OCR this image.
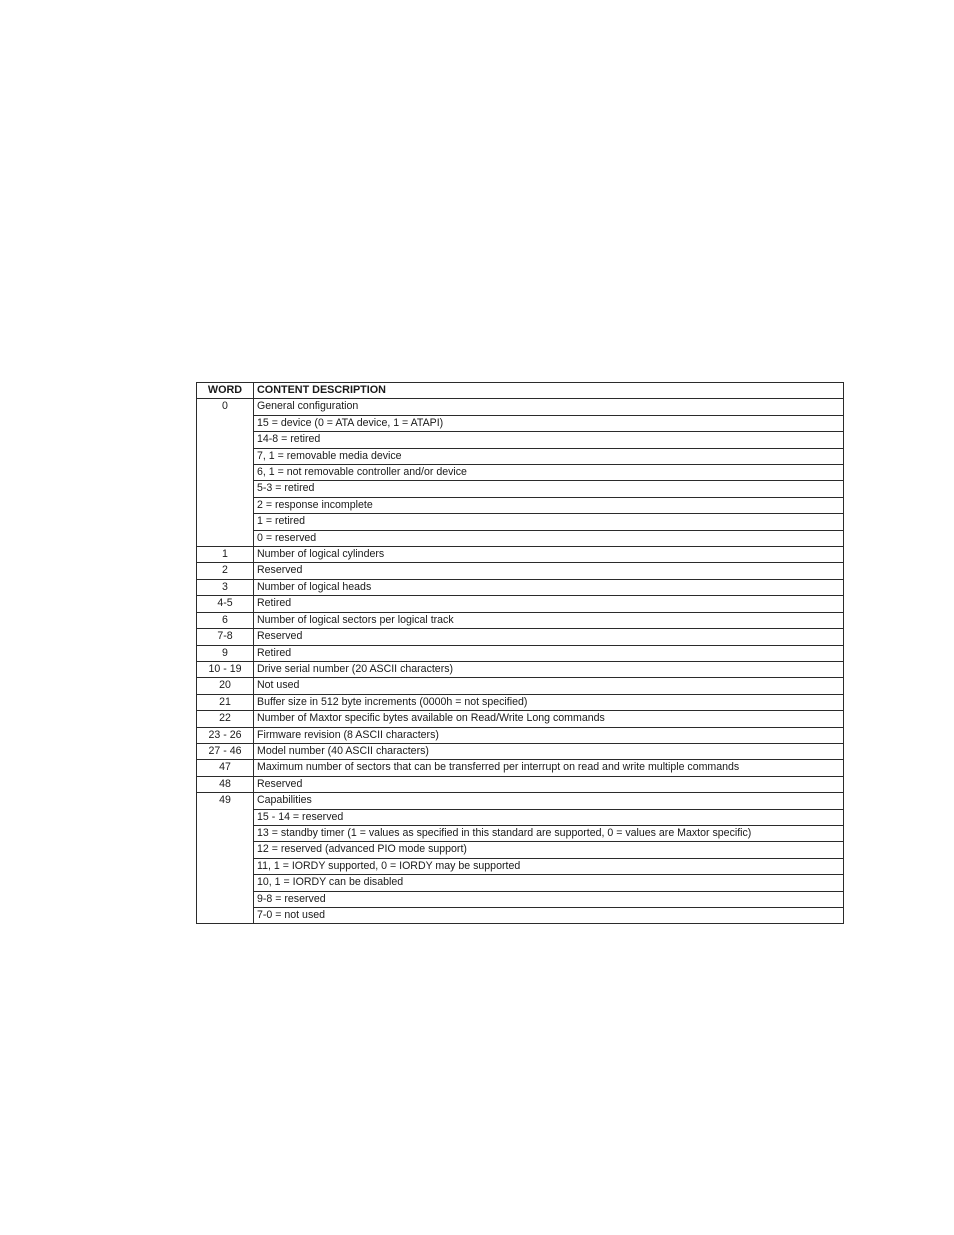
WORD	CONTENT DESCRIPTION
0	General configuration
	15 = device (0 = ATA device, 1 = ATAPI)
	14-8 = retired
	7, 1 = removable media device
	6, 1 = not removable controller and/or device
	5-3 = retired
	2 = response incomplete
	1 = retired
	0 = reserved
1	Number of logical cylinders
2	Reserved
3	Number of logical heads
4-5	Retired
6	Number of logical sectors per logical track
7-8	Reserved
9	Retired
10 - 19	Drive serial number (20 ASCII characters)
20	Not used
21	Buffer size in 512 byte increments (0000h = not specified)
22	Number of Maxtor specific bytes available on Read/Write Long commands
23 - 26	Firmware revision (8 ASCII characters)
27 - 46	Model number (40 ASCII characters)
47	Maximum number of sectors that can be transferred per interrupt on read and write multiple commands
48	Reserved
49	Capabilities
	15 - 14 = reserved
	13 = standby timer (1 = values as specified in this standard are supported, 0 = values are Maxtor specific)
	12 = reserved (advanced PIO mode support)
	11, 1 = IORDY supported, 0 = IORDY may be supported
	10, 1 = IORDY can be disabled
	9-8 = reserved
	7-0 = not used
